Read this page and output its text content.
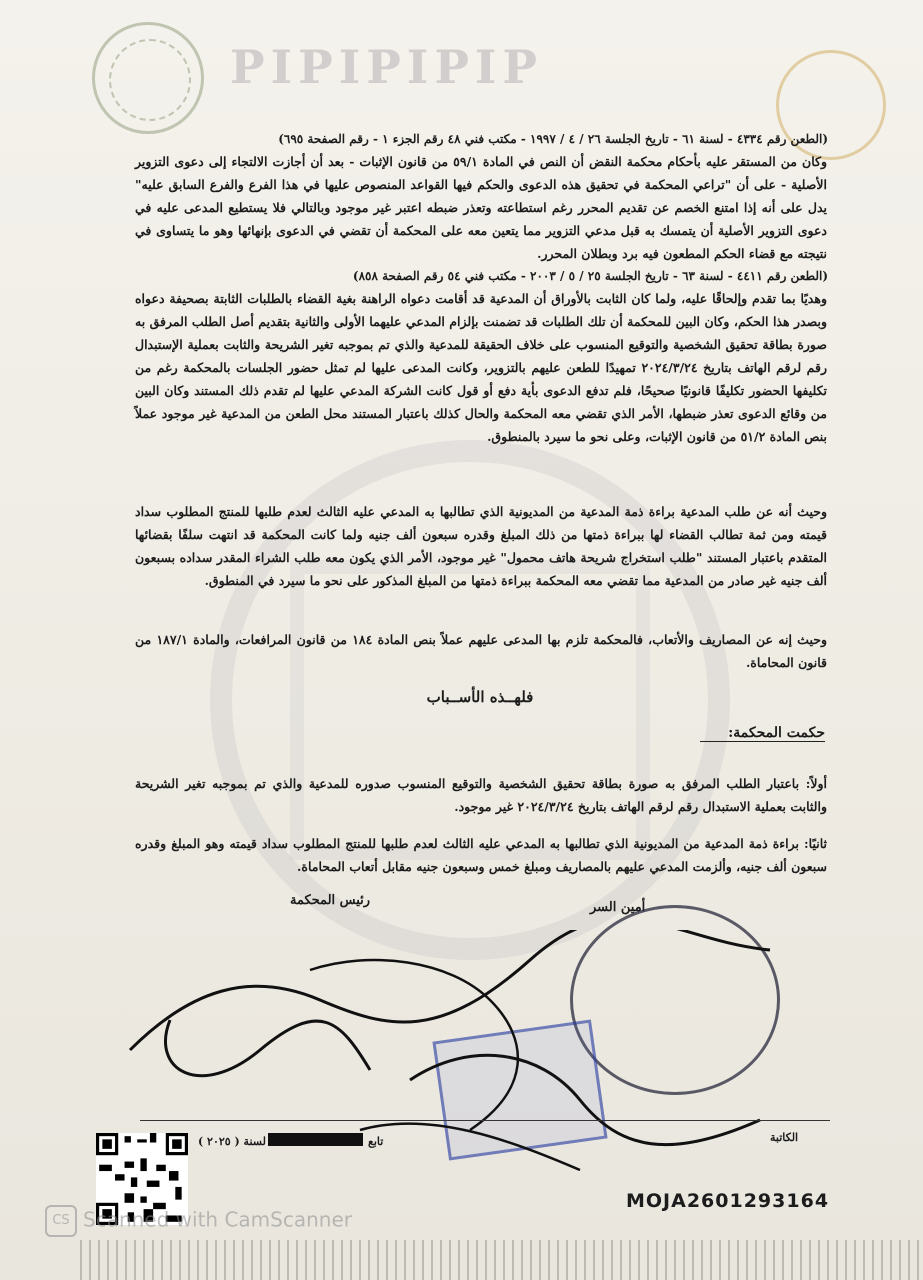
PIPIPIPIP
(الطعن رقم ٤٣٣٤ - لسنة ٦١ - تاريخ الجلسة ٢٦ / ٤ / ١٩٩٧ - مكتب فني ٤٨ رقم الجزء ١ - رقم الصفحة ٦٩٥)
وكان من المستقر عليه بأحكام محكمة النقض أن النص في المادة ٥٩/١ من قانون الإثبات - بعد أن أجازت الالتجاء إلى دعوى التزوير الأصلية - على أن "تراعي المحكمة في تحقيق هذه الدعوى والحكم فيها القواعد المنصوص عليها في هذا الفرع والفرع السابق عليه" يدل على أنه إذا امتنع الخصم عن تقديم المحرر رغم استطاعته وتعذر ضبطه اعتبر غير موجود وبالتالي فلا يستطيع المدعى عليه في دعوى التزوير الأصلية أن يتمسك به قبل مدعي التزوير مما يتعين معه على المحكمة أن تقضي في الدعوى بإنهائها وهو ما يتساوى في نتيجته مع قضاء الحكم المطعون فيه برد وبطلان المحرر.
(الطعن رقم ٤٤١١ - لسنة ٦٣ - تاريخ الجلسة ٢٥ / ٥ / ٢٠٠٣ - مكتب فني ٥٤ رقم الصفحة ٨٥٨)
وهديًا بما تقدم وإلحاقًا عليه، ولما كان الثابت بالأوراق أن المدعية قد أقامت دعواه الراهنة بغية القضاء بالطلبات الثابتة بصحيفة دعواه وبصدر هذا الحكم، وكان البين للمحكمة أن تلك الطلبات قد تضمنت بإلزام المدعي عليهما الأولى والثانية بتقديم أصل الطلب المرفق به صورة بطاقة تحقيق الشخصية والتوقيع المنسوب على خلاف الحقيقة للمدعية والذي تم بموجبه تغير الشريحة والثابت بعملية الإستبدال رقم لرقم الهاتف بتاريخ ٢٠٢٤/٣/٢٤ تمهيدًا للطعن عليهم بالتزوير، وكانت المدعى عليها لم تمثل حضور الجلسات بالمحكمة رغم من تكليفها الحضور تكليفًا قانونيًا صحيحًا، فلم تدفع الدعوى بأية دفع أو قول كانت الشركة المدعي عليها لم تقدم ذلك المستند وكان البين من وقائع الدعوى تعذر ضبطها، الأمر الذي تقضي معه المحكمة والحال كذلك باعتبار المستند محل الطعن من المدعية غير موجود عملاً بنص المادة ٥١/٢ من قانون الإثبات، وعلى نحو ما سيرد بالمنطوق.
وحيث أنه عن طلب المدعية براءة ذمة المدعية من المديونية الذي تطالبها به المدعي عليه الثالث لعدم طلبها للمنتج المطلوب سداد قيمته ومن ثمة تطالب القضاء لها ببراءة ذمتها من ذلك المبلغ وقدره سبعون ألف جنيه ولما كانت المحكمة قد انتهت سلفًا بقضائها المتقدم باعتبار المستند "طلب استخراج شريحة هاتف محمول" غير موجود، الأمر الذي يكون معه طلب الشراء المقدر سداده بسبعون ألف جنيه غير صادر من المدعية مما تقضي معه المحكمة ببراءة ذمتها من المبلغ المذكور على نحو ما سيرد في المنطوق.
وحيث إنه عن المصاريف والأتعاب، فالمحكمة تلزم بها المدعى عليهم عملاً بنص المادة ١٨٤ من قانون المرافعات، والمادة ١٨٧/١ من قانون المحاماة.
فلهــذه الأســباب
حكمت المحكمة:
أولاً: باعتبار الطلب المرفق به صورة بطاقة تحقيق الشخصية والتوقيع المنسوب صدوره للمدعية والذي تم بموجبه تغير الشريحة والثابت بعملية الاستبدال رقم لرقم الهاتف بتاريخ ٢٠٢٤/٣/٢٤ غير موجود.
ثانيًا: براءة ذمة المدعية من المديونية الذي تطالبها به المدعي عليه الثالث لعدم طلبها للمنتج المطلوب سداد قيمته وهو المبلغ وقدره سبعون ألف جنيه، وألزمت المدعي عليهم بالمصاريف ومبلغ خمس وسبعون جنيه مقابل أتعاب المحاماة.
أمين السر
رئيس المحكمة
تابع
لسنة ( ٢٠٢٥ )	الكاتبة
MOJA2601293164
CS Scanned with CamScanner
